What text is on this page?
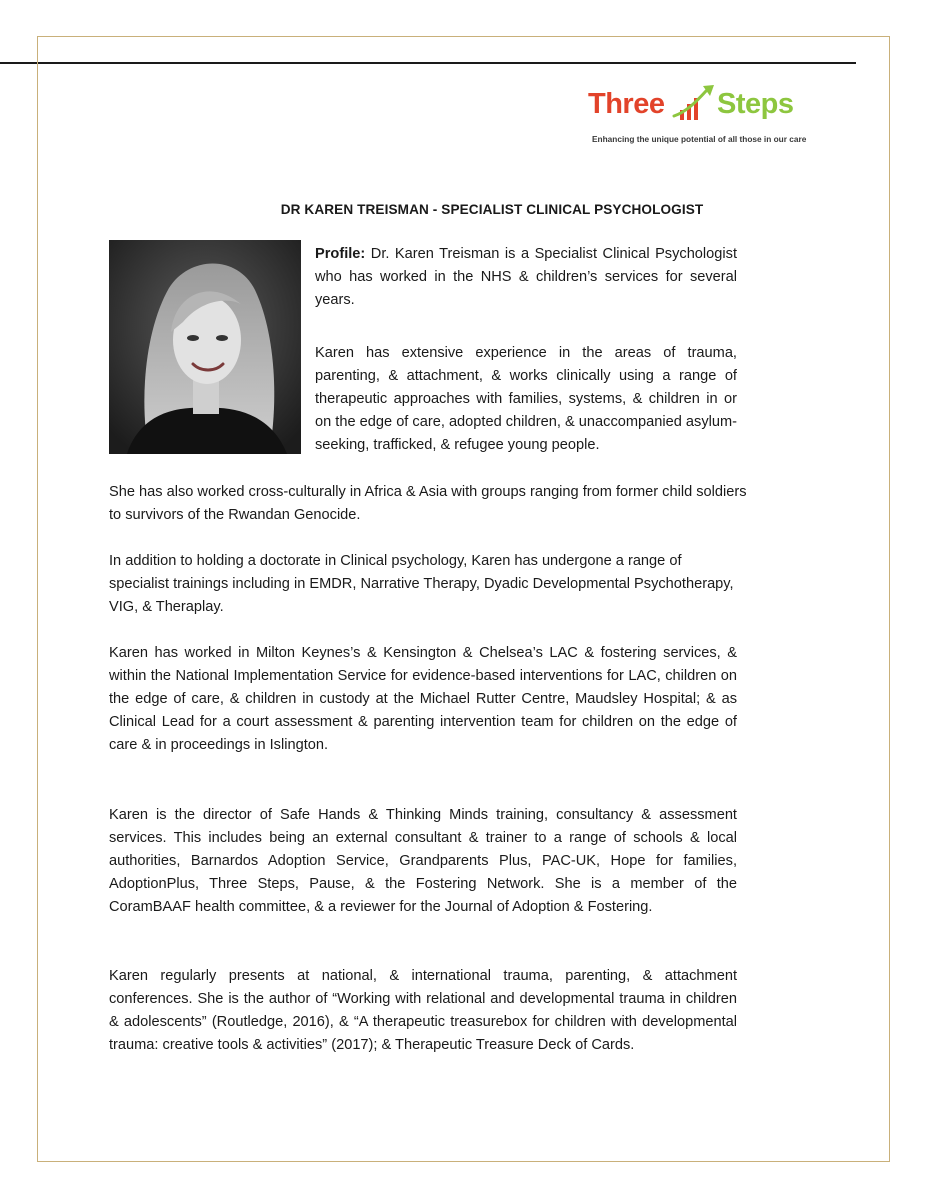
Three Steps
Enhancing the unique potential of all those in our care
DR KAREN TREISMAN - SPECIALIST CLINICAL PSYCHOLOGIST

Profile: Dr. Karen Treisman is a Specialist Clinical Psychologist who has worked in the NHS & children’s services for several years.

Karen has extensive experience in the areas of trauma, parenting, & attachment, & works clinically using a range of therapeutic approaches with families, systems, & children in or on the edge of care, adopted children, & unaccompanied asylum-seeking, trafficked, & refugee young people.

She has also worked cross-culturally in Africa & Asia with groups ranging from former child soldiers to survivors of the Rwandan Genocide.

In addition to holding a doctorate in Clinical psychology, Karen has undergone a range of specialist trainings including in EMDR, Narrative Therapy, Dyadic Developmental Psychotherapy, VIG, & Theraplay.

Karen has worked in Milton Keynes’s & Kensington & Chelsea’s LAC & fostering services, & within the National Implementation Service for evidence-based interventions for LAC, children on the edge of care, & children in custody at the Michael Rutter Centre, Maudsley Hospital; & as Clinical Lead for a court assessment & parenting intervention team for children on the edge of care & in proceedings in Islington.

Karen is the director of Safe Hands & Thinking Minds training, consultancy & assessment services. This includes being an external consultant & trainer to a range of schools & local authorities, Barnardos Adoption Service, Grandparents Plus, PAC-UK, Hope for families, AdoptionPlus, Three Steps, Pause, & the Fostering Network. She is a member of the CoramBAAF health committee, & a reviewer for the Journal of Adoption & Fostering.

Karen regularly presents at national, & international trauma, parenting, & attachment conferences. She is the author of “Working with relational and developmental trauma in children & adolescents” (Routledge, 2016), & “A therapeutic treasurebox for children with developmental trauma: creative tools & activities” (2017); & Therapeutic Treasure Deck of Cards.
